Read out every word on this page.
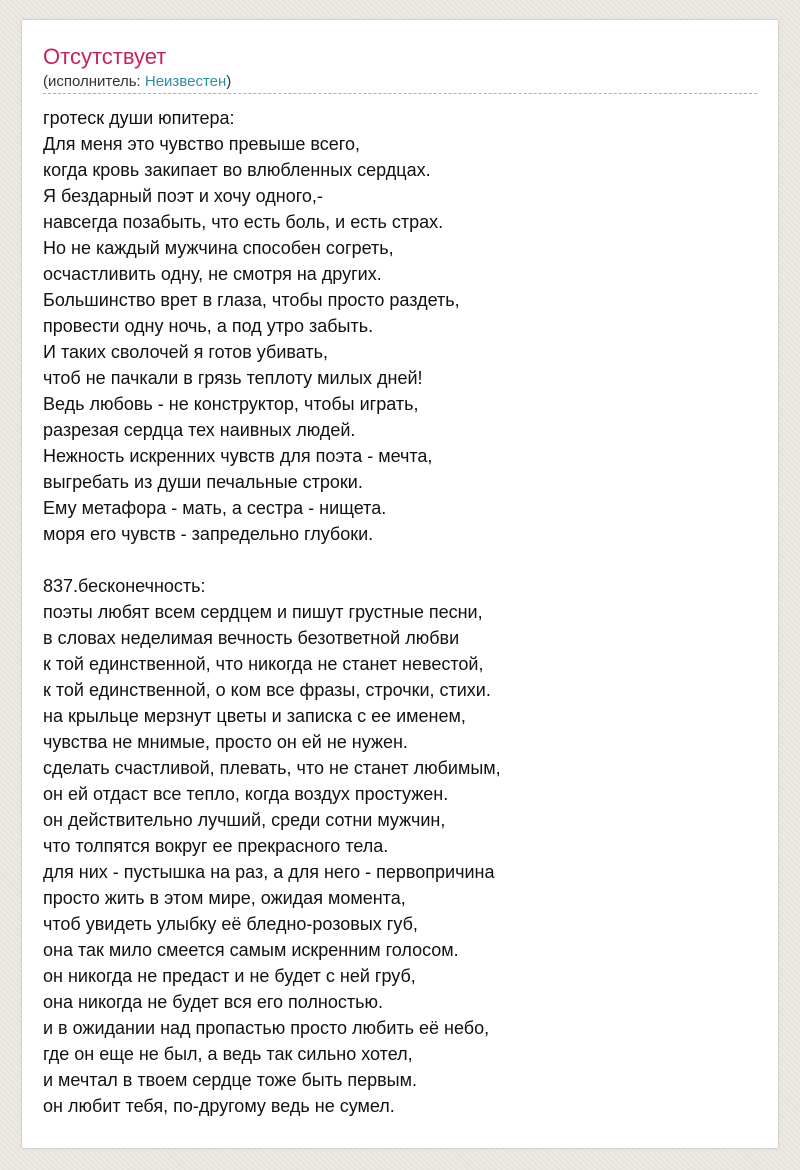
Отсутствует
(исполнитель: Неизвестен)
гротеск души юпитера:
Для меня это чувство превыше всего,
когда кровь закипает во влюбленных сердцах.
Я бездарный поэт и хочу одного,-
навсегда позабыть, что есть боль, и есть страх.
Но не каждый мужчина способен согреть,
осчастливить одну, не смотря на других.
Большинство врет в глаза, чтобы просто раздеть,
провести одну ночь, а под утро забыть.
И таких сволочей я готов убивать,
чтоб не пачкали в грязь теплоту милых дней!
Ведь любовь - не конструктор, чтобы играть,
разрезая сердца тех наивных людей.
Нежность искренних чувств для поэта - мечта,
выгребать из души печальные строки.
Ему метафора - мать, а сестра - нищета.
моря его чувств - запредельно глубоки.
837.бесконечность:
поэты любят всем сердцем и пишут грустные песни,
в словах неделимая вечность безответной любви
к той единственной, что никогда не станет невестой,
к той единственной, о ком все фразы, строчки, стихи.
на крыльце мерзнут цветы и записка с ее именем,
чувства не мнимые, просто он ей не нужен.
сделать счастливой, плевать, что не станет любимым,
он ей отдаст все тепло, когда воздух простужен.
он действительно лучший, среди сотни мужчин,
что толпятся вокруг ее прекрасного тела.
для них - пустышка на раз, а для него - первопричина
просто жить в этом мире, ожидая момента,
чтоб увидеть улыбку её бледно-розовых губ,
она так мило смеется самым искренним голосом.
он никогда не предаст и не будет с ней груб,
она никогда не будет вся его полностью.
и в ожидании над пропастью просто любить её небо,
где он еще не был, а ведь так сильно хотел,
и мечтал в твоем сердце тоже быть первым.
он любит тебя, по-другому ведь не сумел.
